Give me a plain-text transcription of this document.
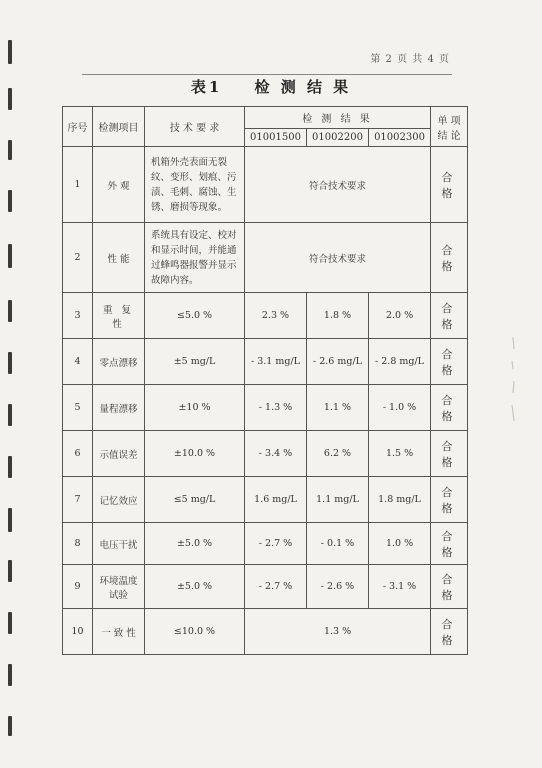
第 2 页 共 4 页
表1 检 测 结 果
序号	检测项目	技 术 要 求	检 测 结 果			单 项 结 论
			01001500	01002200	01002300	
1	外 观	机箱外壳表面无裂纹、变形、划痕、污渍、毛刺、腐蚀、生锈、磨损等现象。	符合技术要求			合 格
2	性 能	系统具有设定、校对和显示时间，并能通过蜂鸣器报警并显示故障内容。	符合技术要求			合 格
3	重 复 性	≤5.0 %	2.3 %	1.8 %	2.0 %	合 格
4	零点漂移	±5 mg/L	- 3.1 mg/L	- 2.6 mg/L	- 2.8 mg/L	合 格
5	量程漂移	±10 %	- 1.3 %	1.1 %	- 1.0 %	合 格
6	示值误差	±10.0 %	- 3.4 %	6.2 %	1.5 %	合 格
7	记忆效应	≤5 mg/L	1.6 mg/L	1.1 mg/L	1.8 mg/L	合 格
8	电压干扰	±5.0 %	- 2.7 %	- 0.1 %	1.0 %	合 格
9	环境温度试验	±5.0 %	- 2.7 %	- 2.6 %	- 3.1 %	合 格
10	一 致 性	≤10.0 %	1.3 %			合 格
